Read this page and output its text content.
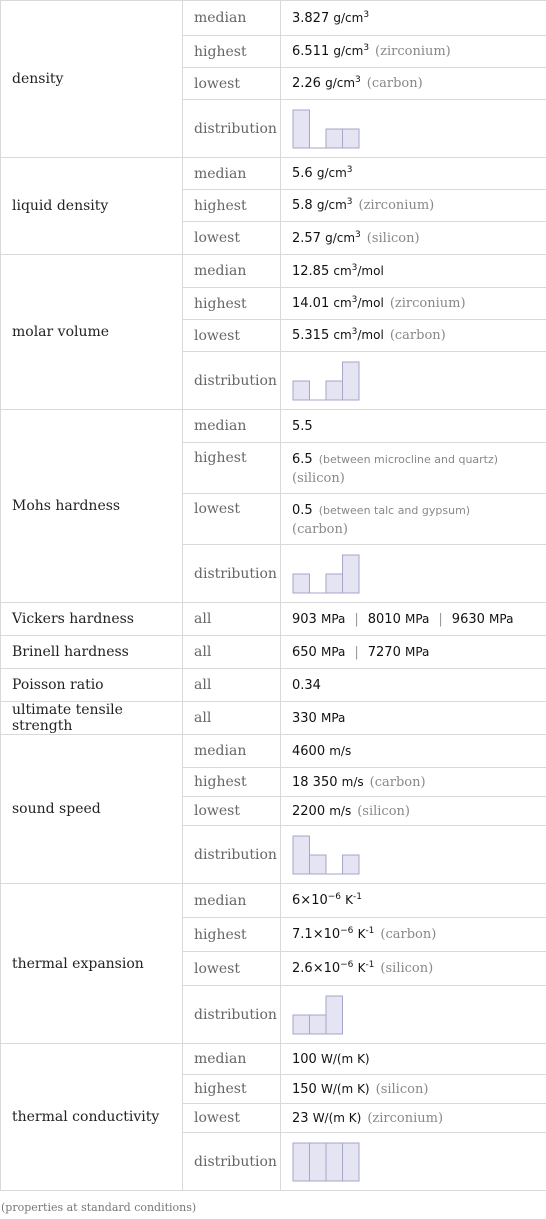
density	median	3.827 $g/cm^3$
	highest	6.511 $g/cm^3$ (zirconium)
	lowest	2.26 $g/cm^3$ (carbon)
	distribution	

liquid density	median	5.6 $g/cm^3$
	highest	5.8 $g/cm^3$ (zirconium)
	lowest	2.57 $g/cm^3$ (silicon)
molar volume	median	12.85 $cm^3$/mol
	highest	14.01 $cm^3$/mol (zirconium)
	lowest	5.315 $cm^3$/mol (carbon)
	distribution	

Mohs hardness	median	5.5
	highest	6.5 (between microcline and quartz)
(silicon)

	lowest	0.5 (between talc and gypsum)
(carbon)

	distribution	

Vickers hardness	all	903 MPa | 8010 MPa | 9630 MPa
Brinell hardness	all	650 MPa | 7270 MPa
Poisson ratio	all	0.34
ultimate tensile strength	all	330 MPa
sound speed	median	4600 m/s
	highest	18 350 m/s (carbon)
	lowest	2200 m/s (silicon)
	distribution	

thermal expansion	median	$6\times 10^{-6}$ $K^{-1}$
	highest	$7.1\times 10^{-6}$ $K^{-1}$ (carbon)
	lowest	$2.6\times 10^{-6}$ $K^{-1}$ (silicon)
	distribution	

thermal conductivity	median	100 W/(m K)
	highest	150 W/(m K) (silicon)
	lowest	23 W/(m K) (zirconium)
	distribution	
(properties at standard conditions)
